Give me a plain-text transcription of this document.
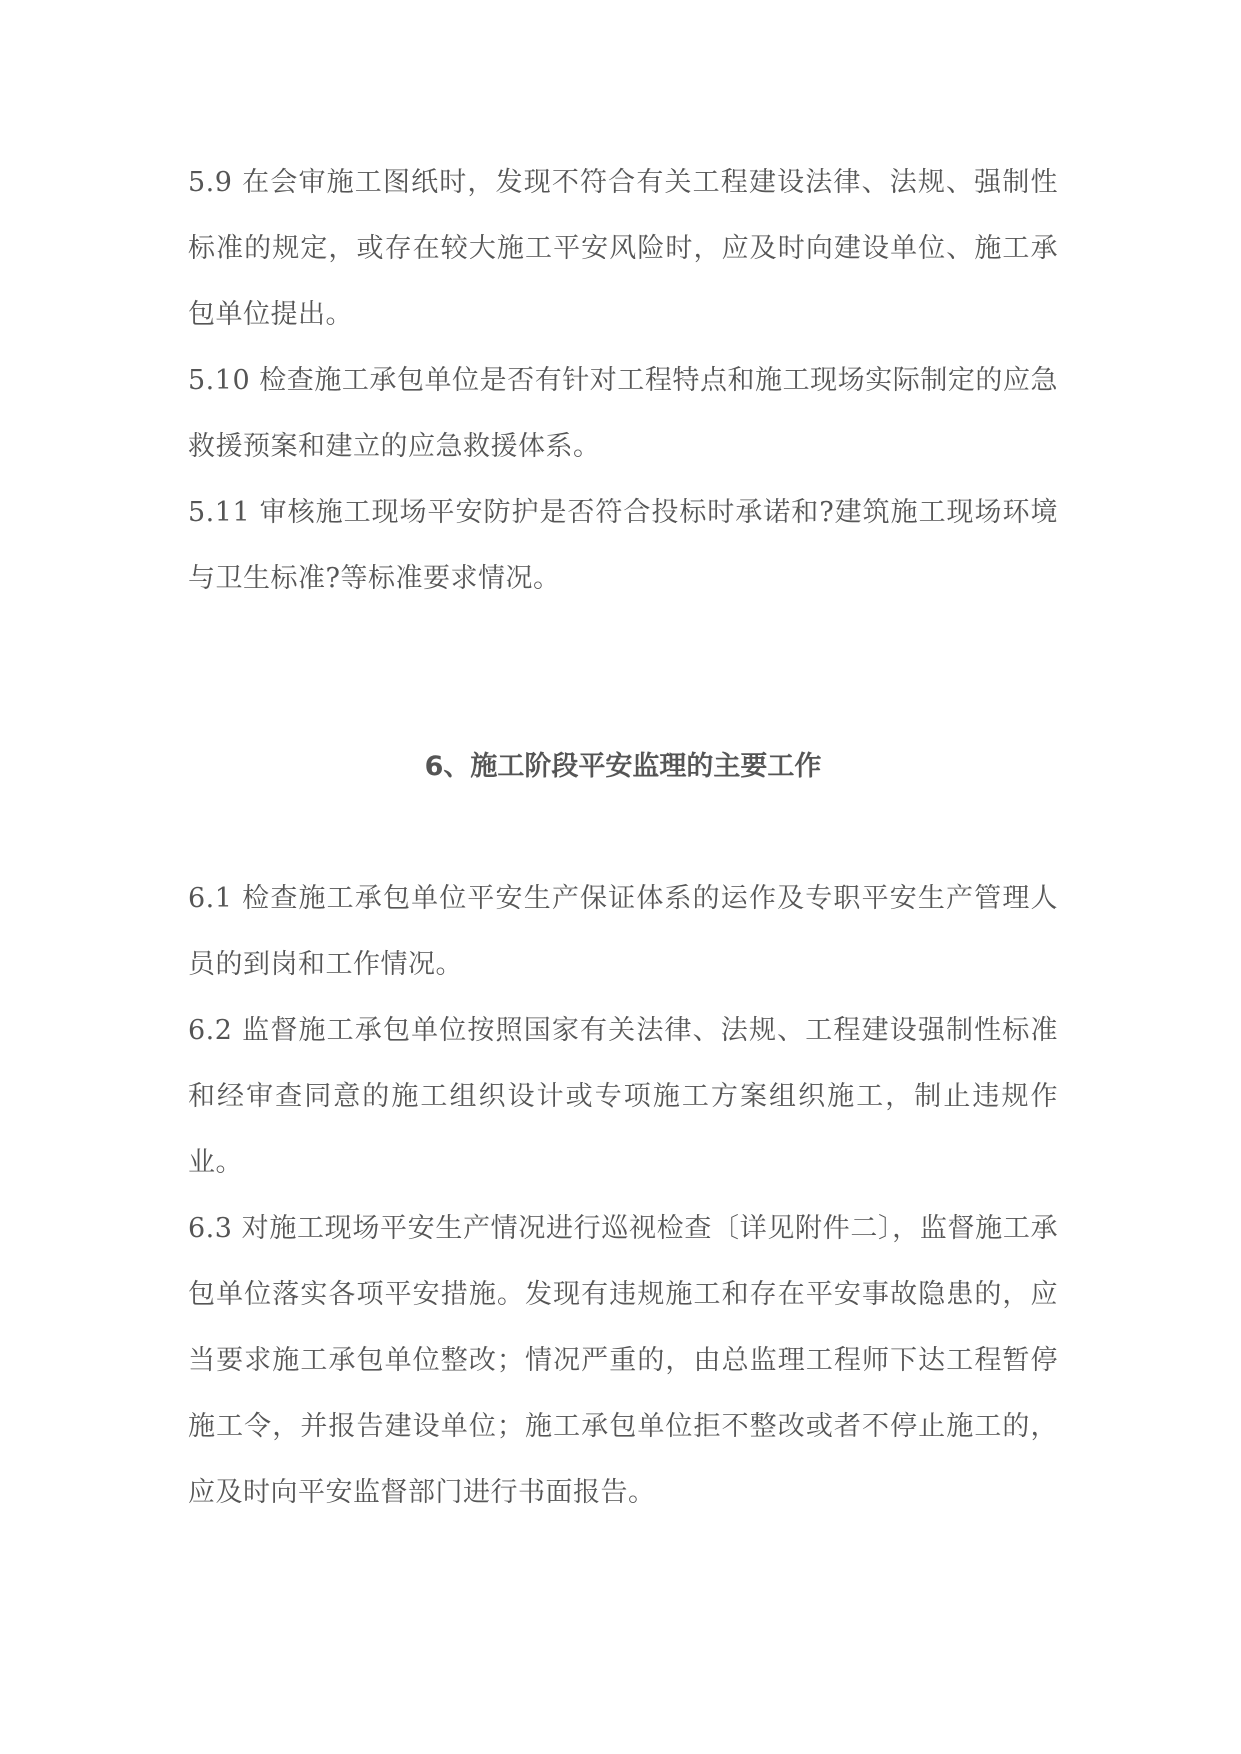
5.9 在会审施工图纸时，发现不符合有关工程建设法律、法规、强制性标准的规定，或存在较大施工平安风险时，应及时向建设单位、施工承包单位提出。

5.10 检查施工承包单位是否有针对工程特点和施工现场实际制定的应急救援预案和建立的应急救援体系。

5.11 审核施工现场平安防护是否符合投标时承诺和?建筑施工现场环境与卫生标准?等标准要求情况。

6、施工阶段平安监理的主要工作

6.1 检查施工承包单位平安生产保证体系的运作及专职平安生产管理人员的到岗和工作情况。

6.2 监督施工承包单位按照国家有关法律、法规、工程建设强制性标准和经审查同意的施工组织设计或专项施工方案组织施工，制止违规作业。

6.3 对施工现场平安生产情况进行巡视检查〔详见附件二〕，监督施工承包单位落实各项平安措施。发现有违规施工和存在平安事故隐患的，应当要求施工承包单位整改；情况严重的，由总监理工程师下达工程暂停施工令，并报告建设单位；施工承包单位拒不整改或者不停止施工的，应及时向平安监督部门进行书面报告。
